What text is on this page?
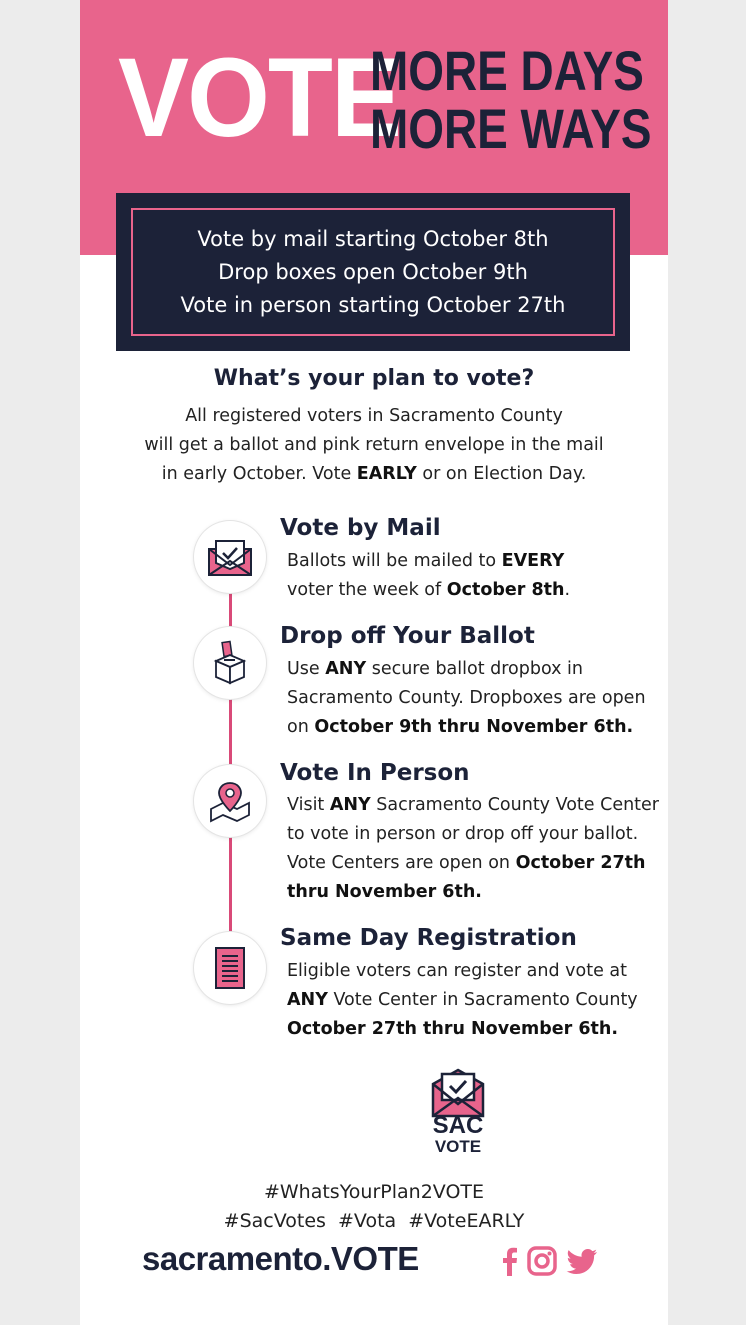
VOTE
MORE DAYS
MORE WAYS
Vote by mail starting October 8th
Drop boxes open October 9th
Vote in person starting October 27th
What’s your plan to vote?
All registered voters in Sacramento County
will get a ballot and pink return envelope in the mail
in early October. Vote EARLY or on Election Day.
Vote by Mail
Ballots will be mailed to EVERY
voter the week of October 8th.
Drop off Your Ballot
Use ANY secure ballot dropbox in
Sacramento County. Dropboxes are open
on October 9th thru November 6th.
Vote In Person
Visit ANY Sacramento County Vote Center
to vote in person or drop off your ballot.
Vote Centers are open on October 27th
thru November 6th.
Same Day Registration
Eligible voters can register and vote at
ANY Vote Center in Sacramento County
October 27th thru November 6th.
SAC
VOTE
#WhatsYourPlan2VOTE
#SacVotes  #Vota  #VoteEARLY
sacramento.VOTE
